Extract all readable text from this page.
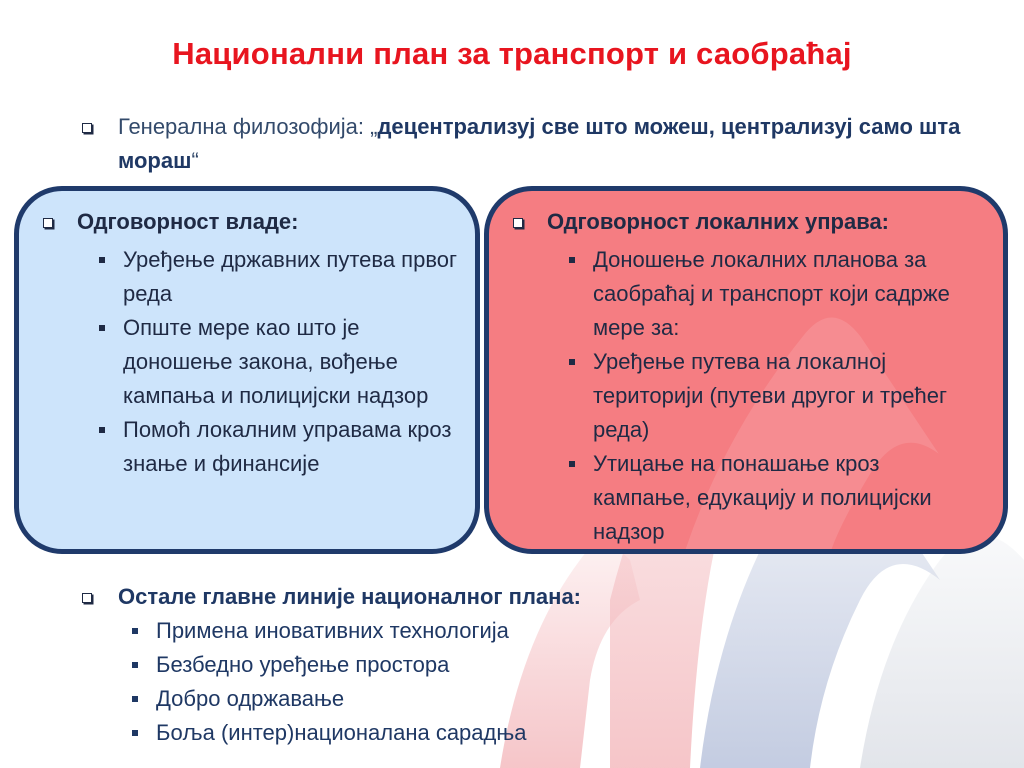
Национални план за транспорт и саобраћај
Генерална филозофија: „децентрализуј све што можеш, централизуј само шта мораш“
Одговорност владе:
Уређење државних путева првог реда
Опште мере као што је доношење закона, вођење кампања и полицијски надзор
Помоћ локалним управама кроз знање и финансије
Одговорност локалних управа:
Доношење локалних планова за саобраћај и транспорт који садрже мере за:
Уређење путева на локалној територији (путеви другог и трећег реда)
Утицање на понашање кроз кампање, едукацију и полицијски надзор
Остале главне линије националног плана:
Примена иновативних технологија
Безбедно уређење простора
Добро одржавање
Боља (интер)националана сарадња
